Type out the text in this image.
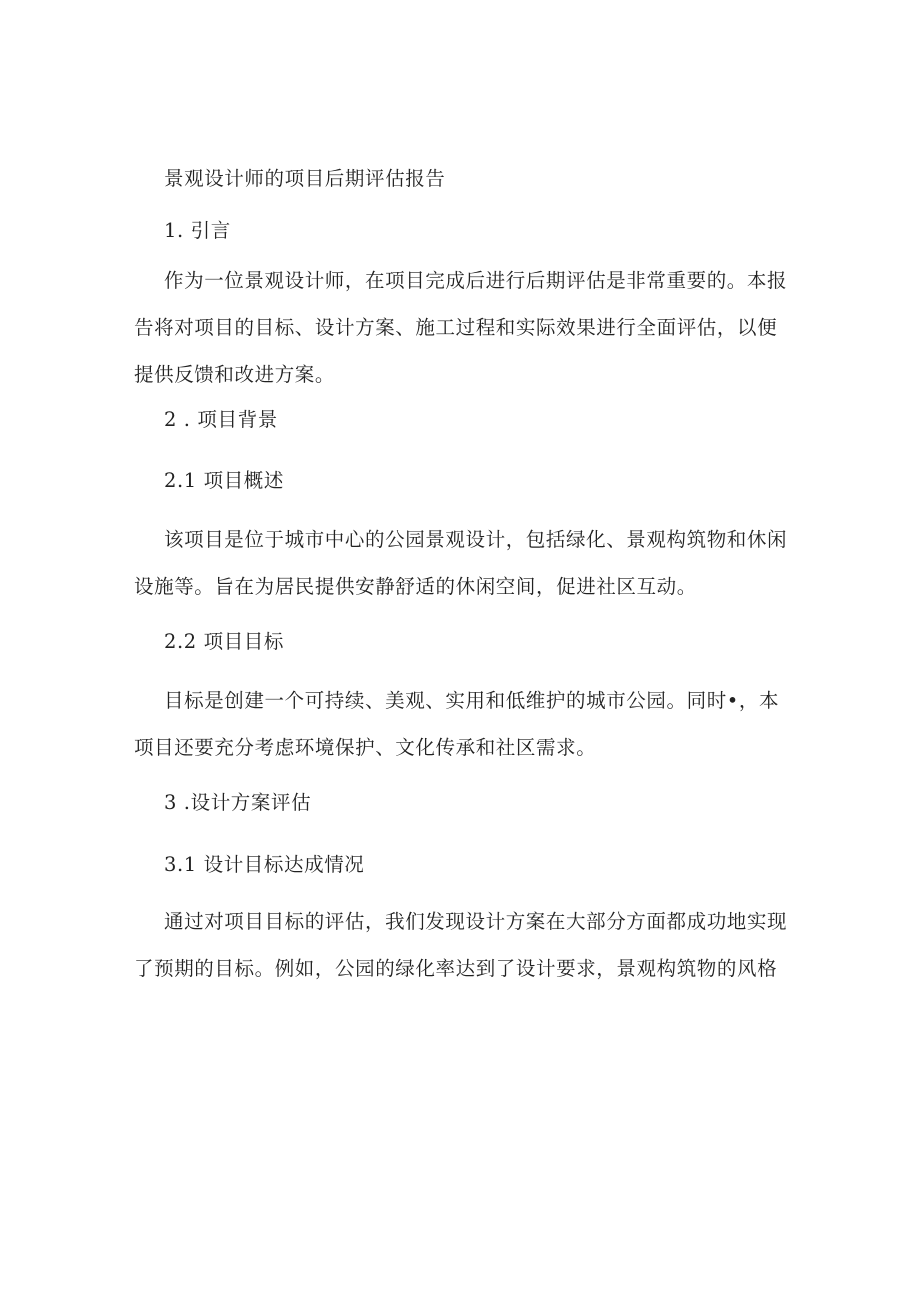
景观设计师的项目后期评估报告
1. 引言
作为一位景观设计师，在项目完成后进行后期评估是非常重要的。本报
告将对项目的目标、设计方案、施工过程和实际效果进行全面评估，以便
提供反馈和改进方案。
2 . 项目背景
2.1 项目概述
该项目是位于城市中心的公园景观设计，包括绿化、景观构筑物和休闲
设施等。旨在为居民提供安静舒适的休闲空间，促进社区互动。
2.2 项目目标
目标是创建一个可持续、美观、实用和低维护的城市公园。同时•，本
项目还要充分考虑环境保护、文化传承和社区需求。
3 .设计方案评估
3.1 设计目标达成情况
通过对项目目标的评估，我们发现设计方案在大部分方面都成功地实现
了预期的目标。例如，公园的绿化率达到了设计要求，景观构筑物的风格
